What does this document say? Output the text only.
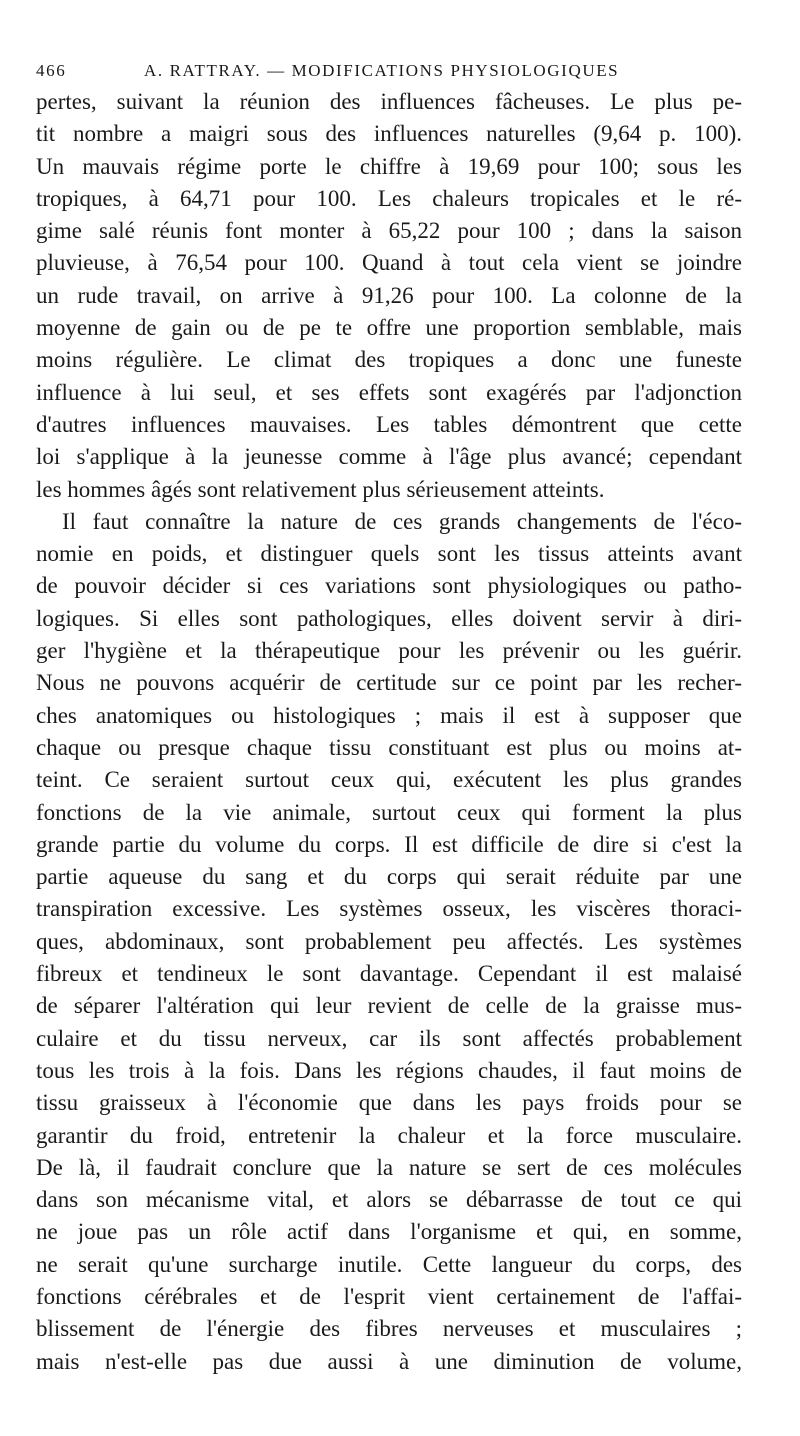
466	A. RATTRAY. — MODIFICATIONS PHYSIOLOGIQUES
pertes, suivant la réunion des influences fâcheuses. Le plus pe-
tit nombre a maigri sous des influences naturelles (9,64 p. 100).
Un mauvais régime porte le chiffre à 19,69 pour 100; sous les
tropiques, à 64,71 pour 100. Les chaleurs tropicales et le ré-
gime salé réunis font monter à 65,22 pour 100 ; dans la saison
pluvieuse, à 76,54 pour 100. Quand à tout cela vient se joindre
un rude travail, on arrive à 91,26 pour 100. La colonne de la
moyenne de gain ou de pe te offre une proportion semblable, mais
moins régulière. Le climat des tropiques a donc une funeste
influence à lui seul, et ses effets sont exagérés par l'adjonction
d'autres influences mauvaises. Les tables démontrent que cette
loi s'applique à la jeunesse comme à l'âge plus avancé; cependant
les hommes âgés sont relativement plus sérieusement atteints.
Il faut connaître la nature de ces grands changements de l'éco-
nomie en poids, et distinguer quels sont les tissus atteints avant
de pouvoir décider si ces variations sont physiologiques ou patho-
logiques. Si elles sont pathologiques, elles doivent servir à diri-
ger l'hygiène et la thérapeutique pour les prévenir ou les guérir.
Nous ne pouvons acquérir de certitude sur ce point par les recher-
ches anatomiques ou histologiques ; mais il est à supposer que
chaque ou presque chaque tissu constituant est plus ou moins at-
teint. Ce seraient surtout ceux qui, exécutent les plus grandes
fonctions de la vie animale, surtout ceux qui forment la plus
grande partie du volume du corps. Il est difficile de dire si c'est la
partie aqueuse du sang et du corps qui serait réduite par une
transpiration excessive. Les systèmes osseux, les viscères thoraci-
ques, abdominaux, sont probablement peu affectés. Les systèmes
fibreux et tendineux le sont davantage. Cependant il est malaisé
de séparer l'altération qui leur revient de celle de la graisse mus-
culaire et du tissu nerveux, car ils sont affectés probablement
tous les trois à la fois. Dans les régions chaudes, il faut moins de
tissu graisseux à l'économie que dans les pays froids pour se
garantir du froid, entretenir la chaleur et la force musculaire.
De là, il faudrait conclure que la nature se sert de ces molécules
dans son mécanisme vital, et alors se débarrasse de tout ce qui
ne joue pas un rôle actif dans l'organisme et qui, en somme,
ne serait qu'une surcharge inutile. Cette langueur du corps, des
fonctions cérébrales et de l'esprit vient certainement de l'affai-
blissement de l'énergie des fibres nerveuses et musculaires ;
mais n'est-elle pas due aussi à une diminution de volume,
